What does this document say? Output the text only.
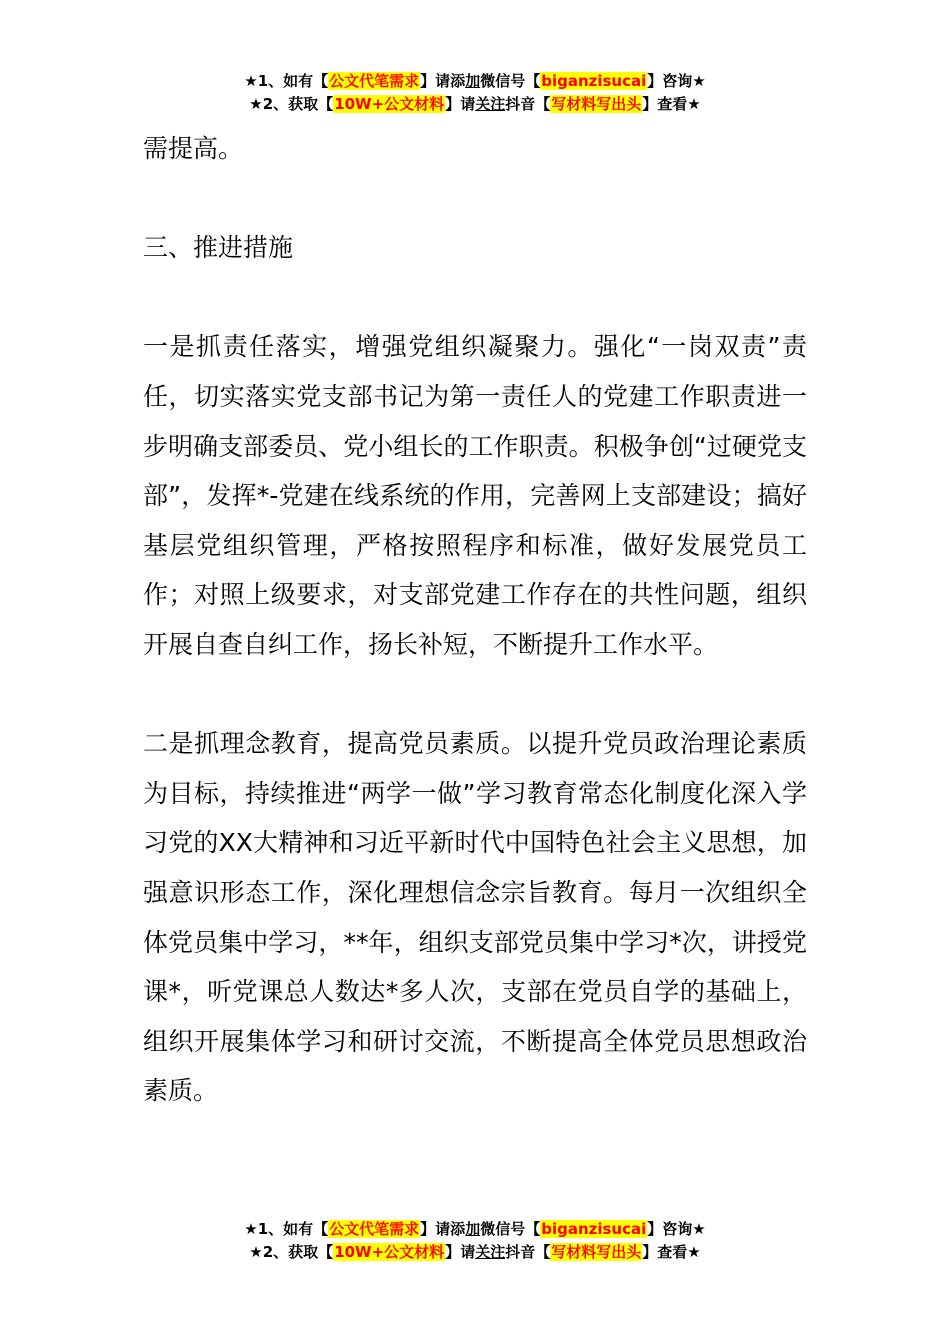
★1、如有【公文代笔需求】请添加微信号【biganzisucai】咨询★
★2、获取【10W+公文材料】请关注抖音【写材料写出头】查看★

需提高。

三、推进措施

一是抓责任落实，增强党组织凝聚力。强化“一岗双责”责任，切实落实党支部书记为第一责任人的党建工作职责进一步明确支部委员、党小组长的工作职责。积极争创“过硬党支部”，发挥*-党建在线系统的作用，完善网上支部建设；搞好基层党组织管理，严格按照程序和标准，做好发展党员工作；对照上级要求，对支部党建工作存在的共性问题，组织开展自查自纠工作，扬长补短，不断提升工作水平。

二是抓理念教育，提高党员素质。以提升党员政治理论素质为目标，持续推进“两学一做”学习教育常态化制度化深入学习党的XX大精神和习近平新时代中国特色社会主义思想，加强意识形态工作，深化理想信念宗旨教育。每月一次组织全体党员集中学习，**年，组织支部党员集中学习*次，讲授党课*，听党课总人数达*多人次，支部在党员自学的基础上，组织开展集体学习和研讨交流，不断提高全体党员思想政治素质。

★1、如有【公文代笔需求】请添加微信号【biganzisucai】咨询★
★2、获取【10W+公文材料】请关注抖音【写材料写出头】查看★
